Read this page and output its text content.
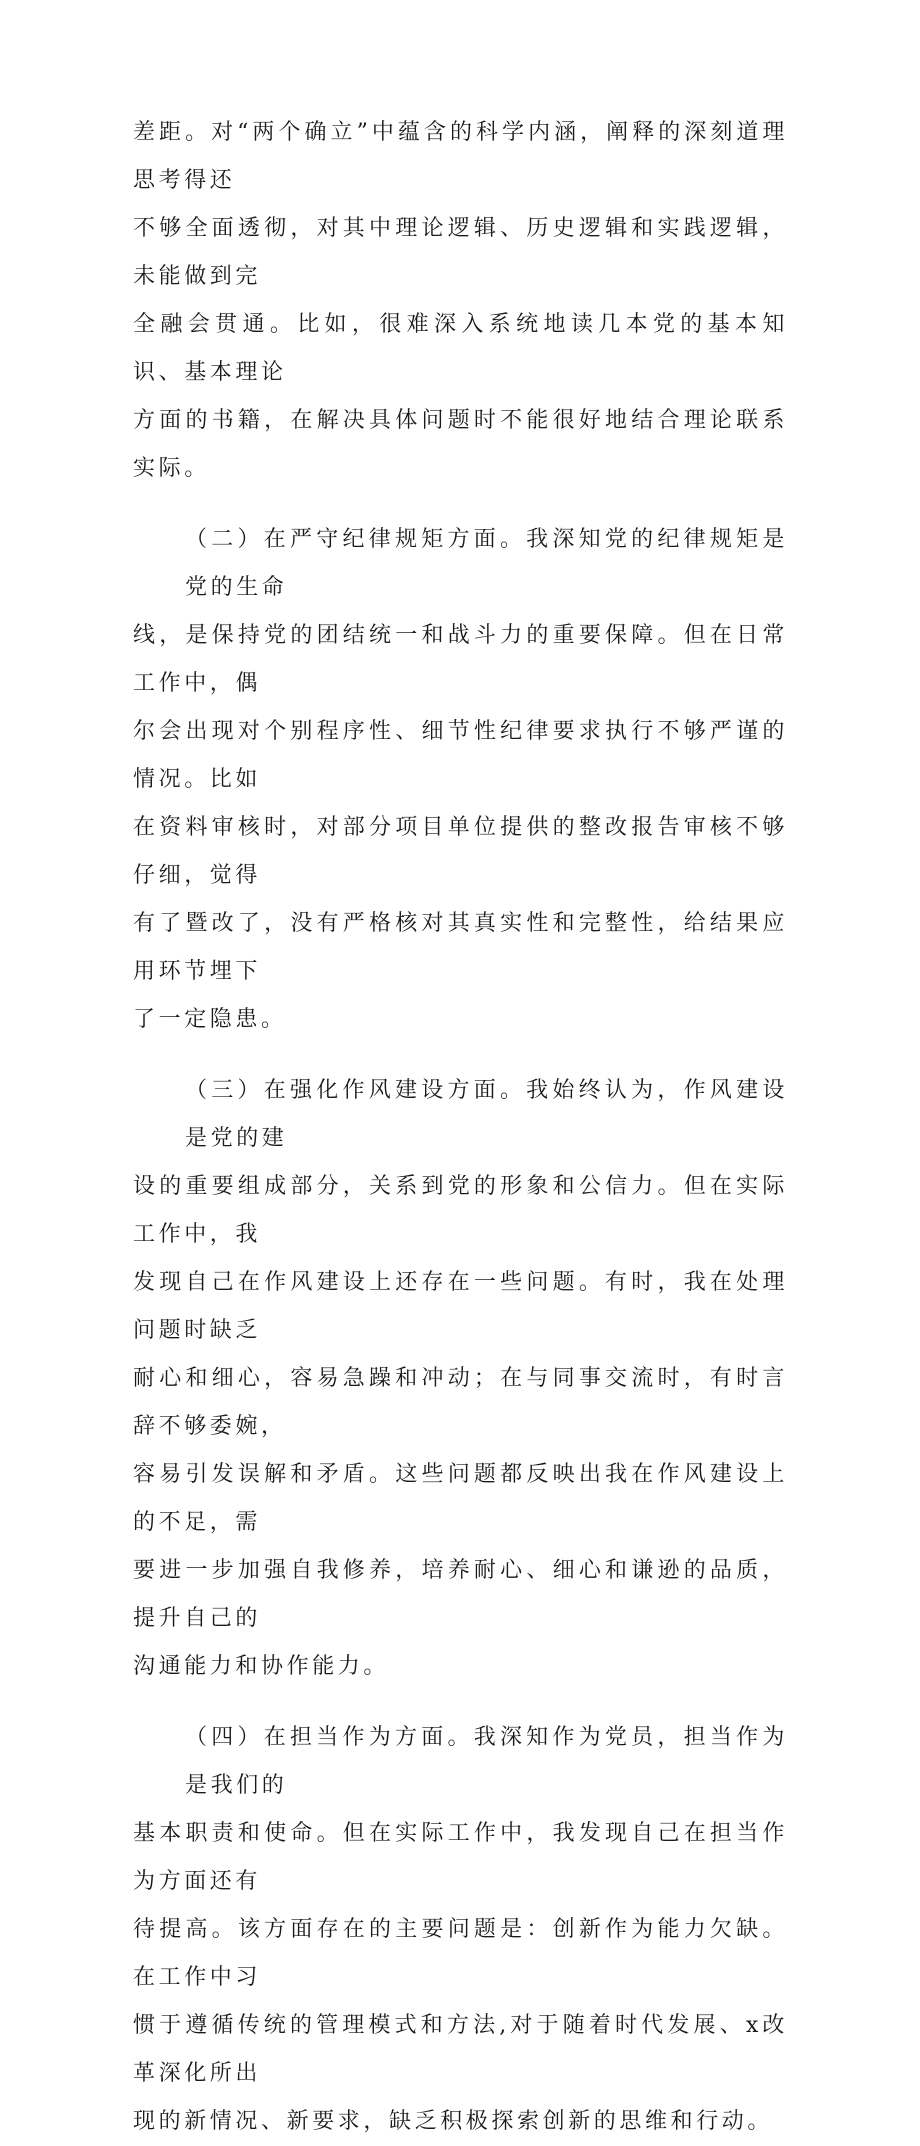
差距。对“两个确立”中蕴含的科学内涵，阐释的深刻道理思考得还
不够全面透彻，对其中理论逻辑、历史逻辑和实践逻辑，未能做到完
全融会贯通。比如，很难深入系统地读几本党的基本知识、基本理论
方面的书籍，在解决具体问题时不能很好地结合理论联系实际。
（二）在严守纪律规矩方面。我深知党的纪律规矩是党的生命
线，是保持党的团结统一和战斗力的重要保障。但在日常工作中，偶
尔会出现对个别程序性、细节性纪律要求执行不够严谨的情况。比如
在资料审核时，对部分项目单位提供的整改报告审核不够仔细，觉得
有了暨改了，没有严格核对其真实性和完整性，给结果应用环节埋下
了一定隐患。
（三）在强化作风建设方面。我始终认为，作风建设是党的建
设的重要组成部分，关系到党的形象和公信力。但在实际工作中，我
发现自己在作风建设上还存在一些问题。有时，我在处理问题时缺乏
耐心和细心，容易急躁和冲动；在与同事交流时，有时言辞不够委婉，
容易引发误解和矛盾。这些问题都反映出我在作风建设上的不足，需
要进一步加强自我修养，培养耐心、细心和谦逊的品质，提升自己的
沟通能力和协作能力。
（四）在担当作为方面。我深知作为党员，担当作为是我们的
基本职责和使命。但在实际工作中，我发现自己在担当作为方面还有
待提高。该方面存在的主要问题是：创新作为能力欠缺。在工作中习
惯于遵循传统的管理模式和方法,对于随着时代发展、x改革深化所出
现的新情况、新要求，缺乏积极探索创新的思维和行动。
